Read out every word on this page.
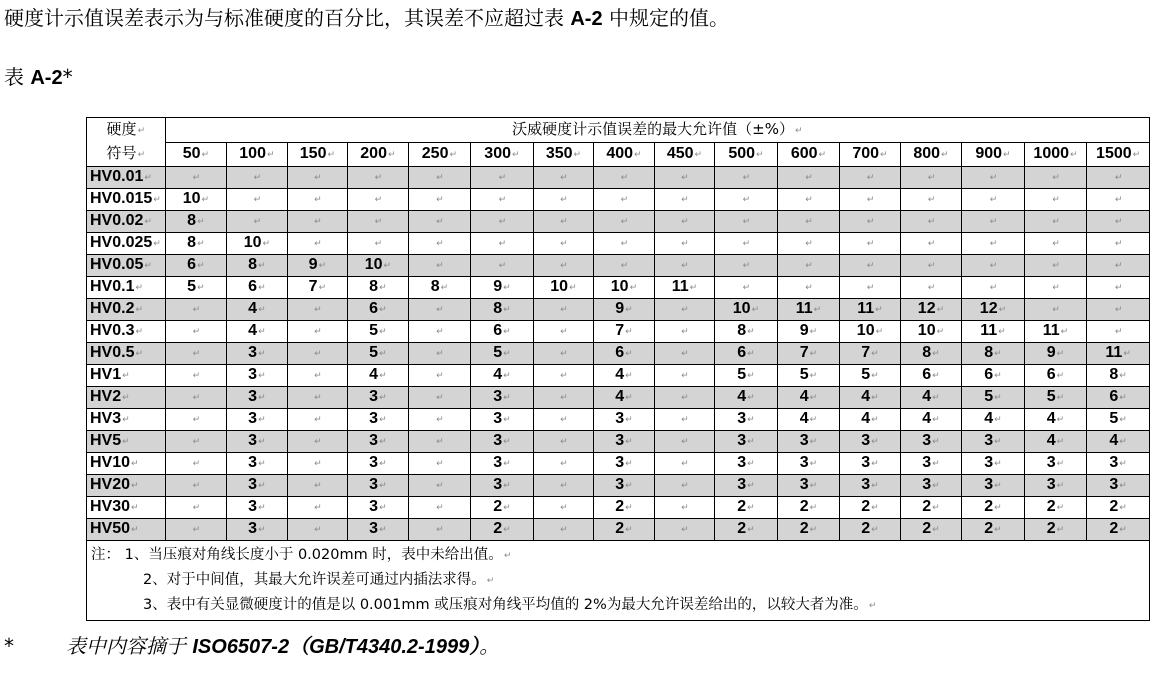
硬度计示值误差表示为与标准硬度的百分比，其误差不应超过表 A-2 中规定的值。
表 A-2*
硬度↵
符号↵	沃威硬度计示值误差的最大允许值（±%）↵															
	50↵	100↵	150↵	200↵	250↵	300↵	350↵	400↵	450↵	500↵	600↵	700↵	800↵	900↵	1000↵	1500↵
HV0.01↵	↵	↵	↵	↵	↵	↵	↵	↵	↵	↵	↵	↵	↵	↵	↵	↵
HV0.015↵	10↵	↵	↵	↵	↵	↵	↵	↵	↵	↵	↵	↵	↵	↵	↵	↵
HV0.02↵	8↵	↵	↵	↵	↵	↵	↵	↵	↵	↵	↵	↵	↵	↵	↵	↵
HV0.025↵	8↵	10↵	↵	↵	↵	↵	↵	↵	↵	↵	↵	↵	↵	↵	↵	↵
HV0.05↵	6↵	8↵	9↵	10↵	↵	↵	↵	↵	↵	↵	↵	↵	↵	↵	↵	↵
HV0.1↵	5↵	6↵	7↵	8↵	8↵	9↵	10↵	10↵	11↵	↵	↵	↵	↵	↵	↵	↵
HV0.2↵	↵	4↵	↵	6↵	↵	8↵	↵	9↵	↵	10↵	11↵	11↵	12↵	12↵	↵	↵
HV0.3↵	↵	4↵	↵	5↵	↵	6↵	↵	7↵	↵	8↵	9↵	10↵	10↵	11↵	11↵	↵
HV0.5↵	↵	3↵	↵	5↵	↵	5↵	↵	6↵	↵	6↵	7↵	7↵	8↵	8↵	9↵	11↵
HV1↵	↵	3↵	↵	4↵	↵	4↵	↵	4↵	↵	5↵	5↵	5↵	6↵	6↵	6↵	8↵
HV2↵	↵	3↵	↵	3↵	↵	3↵	↵	4↵	↵	4↵	4↵	4↵	4↵	5↵	5↵	6↵
HV3↵	↵	3↵	↵	3↵	↵	3↵	↵	3↵	↵	3↵	4↵	4↵	4↵	4↵	4↵	5↵
HV5↵	↵	3↵	↵	3↵	↵	3↵	↵	3↵	↵	3↵	3↵	3↵	3↵	3↵	4↵	4↵
HV10↵	↵	3↵	↵	3↵	↵	3↵	↵	3↵	↵	3↵	3↵	3↵	3↵	3↵	3↵	3↵
HV20↵	↵	3↵	↵	3↵	↵	3↵	↵	3↵	↵	3↵	3↵	3↵	3↵	3↵	3↵	3↵
HV30↵	↵	3↵	↵	3↵	↵	2↵	↵	2↵	↵	2↵	2↵	2↵	2↵	2↵	2↵	2↵
HV50↵	↵	3↵	↵	3↵	↵	2↵	↵	2↵	↵	2↵	2↵	2↵	2↵	2↵	2↵	2↵

注： 1、当压痕对角线长度小于 0.020mm 时，表中未给出值。↵
2、对于中间值，其最大允许误差可通过内插法求得。↵
3、表中有关显微硬度计的值是以 0.001mm 或压痕对角线平均值的 2%为最大允许误差给出的，以较大者为准。↵																
*	表中内容摘于 ISO6507-2（GB/T4340.2-1999）。
